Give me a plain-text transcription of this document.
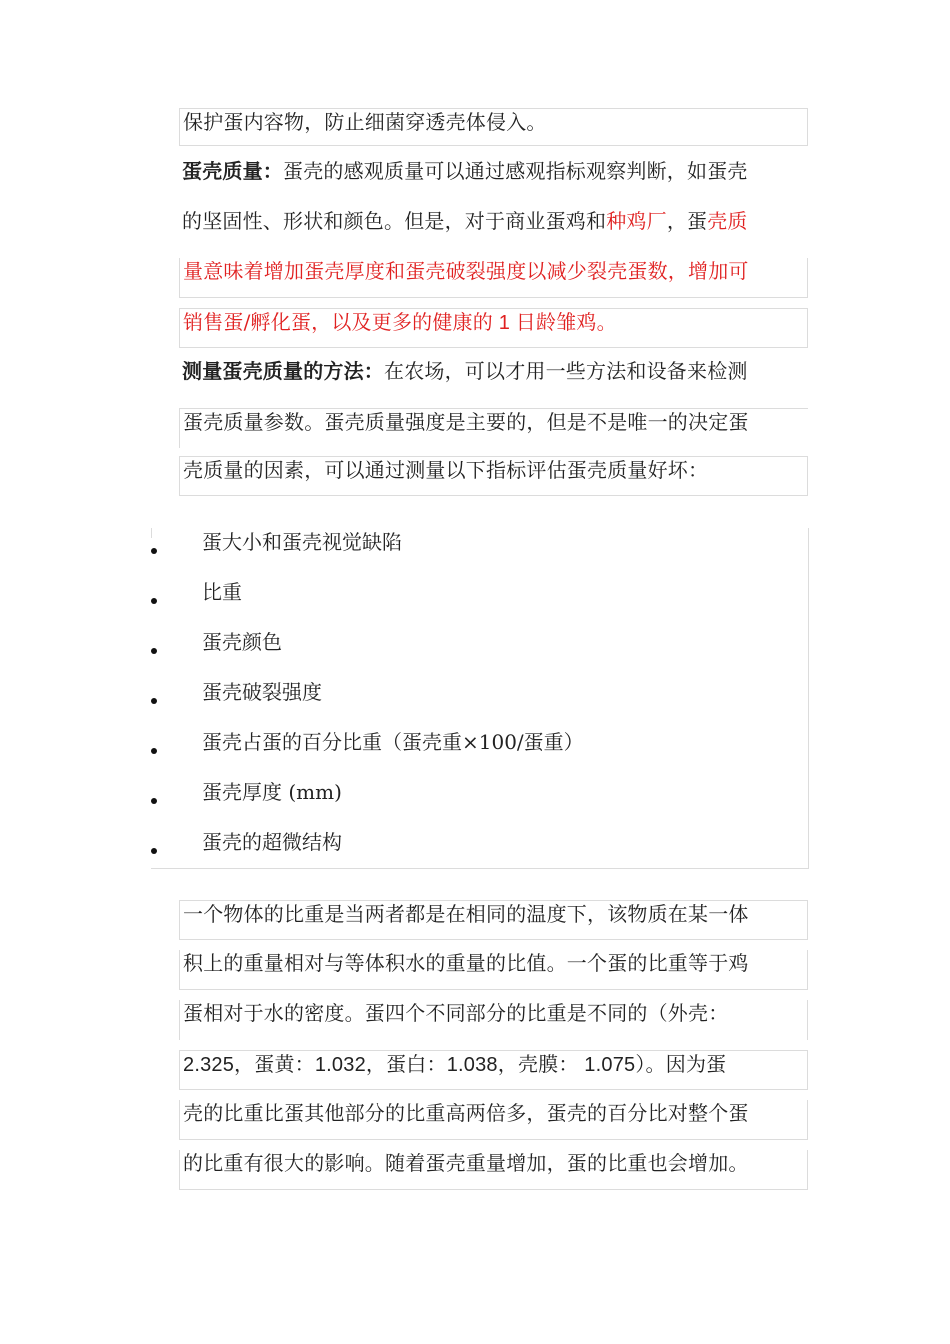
保护蛋内容物，防止细菌穿透壳体侵入。
蛋壳质量：蛋壳的感观质量可以通过感观指标观察判断，如蛋壳
的坚固性、形状和颜色。但是，对于商业蛋鸡和种鸡厂，蛋壳质
量意味着增加蛋壳厚度和蛋壳破裂强度以减少裂壳蛋数，增加可
销售蛋/孵化蛋，以及更多的健康的 1 日龄雏鸡。
测量蛋壳质量的方法：在农场，可以才用一些方法和设备来检测
蛋壳质量参数。蛋壳质量强度是主要的，但是不是唯一的决定蛋
壳质量的因素，可以通过测量以下指标评估蛋壳质量好坏：
蛋大小和蛋壳视觉缺陷
比重
蛋壳颜色
蛋壳破裂强度
蛋壳占蛋的百分比重（蛋壳重×100/蛋重）
蛋壳厚度 (mm)
蛋壳的超微结构
一个物体的比重是当两者都是在相同的温度下，该物质在某一体
积上的重量相对与等体积水的重量的比值。一个蛋的比重等于鸡
蛋相对于水的密度。蛋四个不同部分的比重是不同的（外壳：
2.325，蛋黄：1.032，蛋白：1.038，壳膜： 1.075）。因为蛋
壳的比重比蛋其他部分的比重高两倍多，蛋壳的百分比对整个蛋
的比重有很大的影响。随着蛋壳重量增加，蛋的比重也会增加。
